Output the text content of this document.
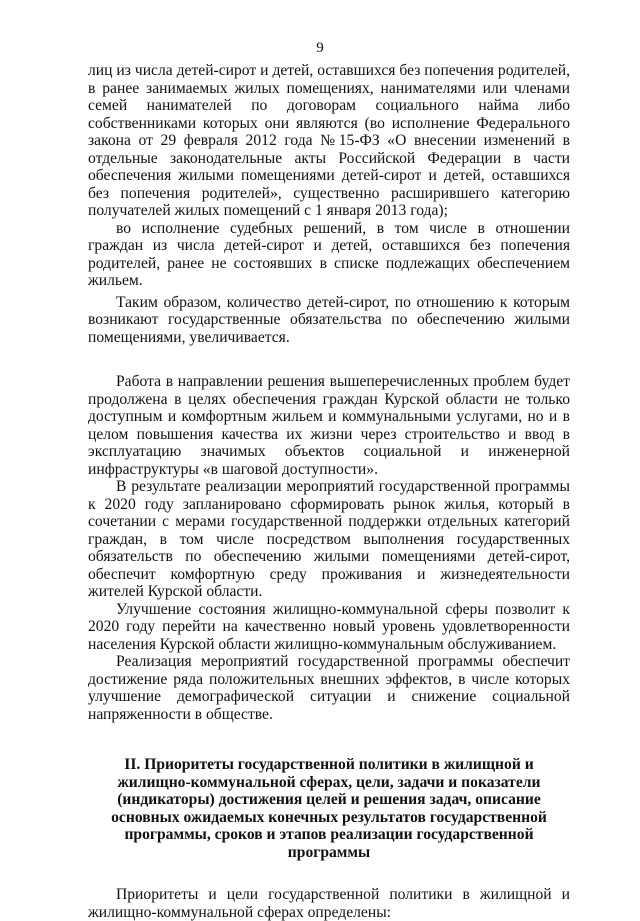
9

лиц из числа детей-сирот и детей, оставшихся без попечения родителей, в ранее занимаемых жилых помещениях, нанимателями или членами семей нанимателей по договорам социального найма либо собственниками которых они являются (во исполнение Федерального закона от 29 февраля 2012 года №15-ФЗ «О внесении изменений в отдельные законодательные акты Российской Федерации в части обеспечения жилыми помещениями детей-сирот и детей, оставшихся без попечения родителей», существенно расширившего категорию получателей жилых помещений с 1 января 2013 года);

во исполнение судебных решений, в том числе в отношении граждан из числа детей-сирот и детей, оставшихся без попечения родителей, ранее не состоявших в списке подлежащих обеспечением жильем.

Таким образом, количество детей-сирот, по отношению к которым возникают государственные обязательства по обеспечению жилыми помещениями, увеличивается.

Работа в направлении решения вышеперечисленных проблем будет продолжена в целях обеспечения граждан Курской области не только доступным и комфортным жильем и коммунальными услугами, но и в целом повышения качества их жизни через строительство и ввод в эксплуатацию значимых объектов социальной и инженерной инфраструктуры «в шаговой доступности».

В результате реализации мероприятий государственной программы к 2020 году запланировано сформировать рынок жилья, который в сочетании с мерами государственной поддержки отдельных категорий граждан, в том числе посредством выполнения государственных обязательств по обеспечению жилыми помещениями детей-сирот, обеспечит комфортную среду проживания и жизнедеятельности жителей Курской области.

Улучшение состояния жилищно-коммунальной сферы позволит к 2020 году перейти на качественно новый уровень удовлетворенности населения Курской области жилищно-коммунальным обслуживанием.

Реализация мероприятий государственной программы обеспечит достижение ряда положительных внешних эффектов, в числе которых улучшение демографической ситуации и снижение социальной напряженности в обществе.

II. Приоритеты государственной политики в жилищной и жилищно-коммунальной сферах, цели, задачи и показатели (индикаторы) достижения целей и решения задач, описание основных ожидаемых конечных результатов государственной программы, сроков и этапов реализации государственной программы

Приоритеты и цели государственной политики в жилищной и жилищно-коммунальной сферах определены:
